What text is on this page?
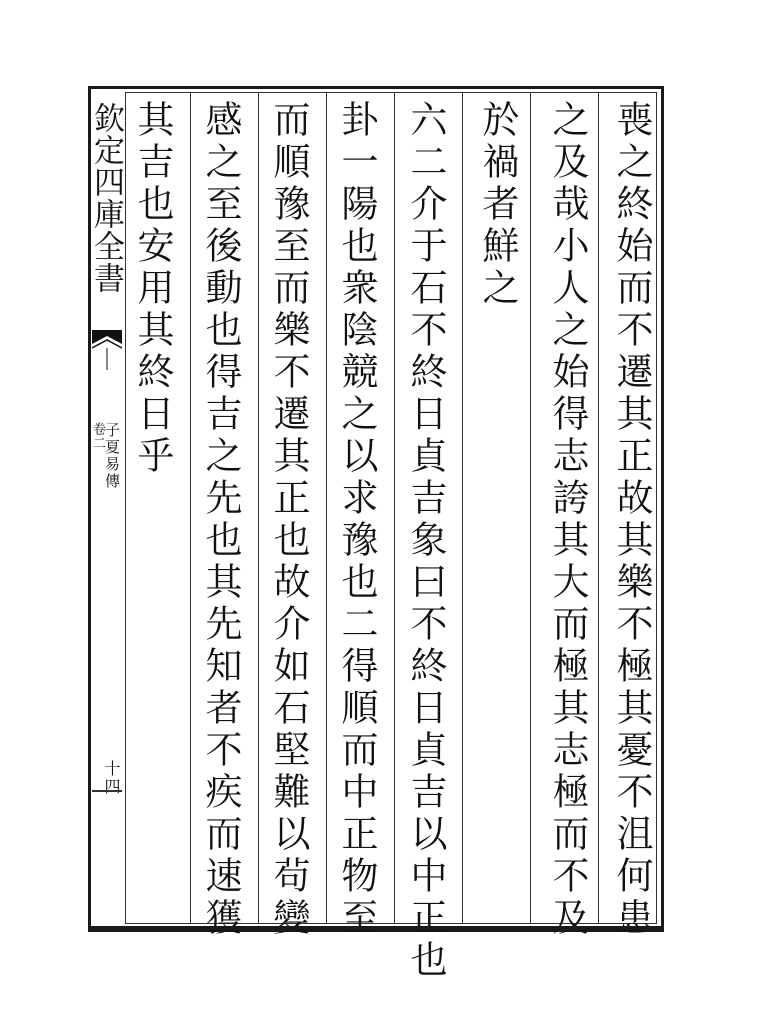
欽定四庫全書
子夏易傳
卷二
十四	喪之終始而不遷其正故其樂不極其憂不沮何患
之及哉小人之始得志誇其大而極其志極而不及
於禍者鮮之
六二介于石不終日貞吉象曰不終日貞吉以中正也
卦一陽也衆陰競之以求豫也二得順而中正物至
而順豫至而樂不遷其正也故介如石堅難以茍變
感之至後動也得吉之先也其先知者不疾而速獲
其吉也安用其終日乎
